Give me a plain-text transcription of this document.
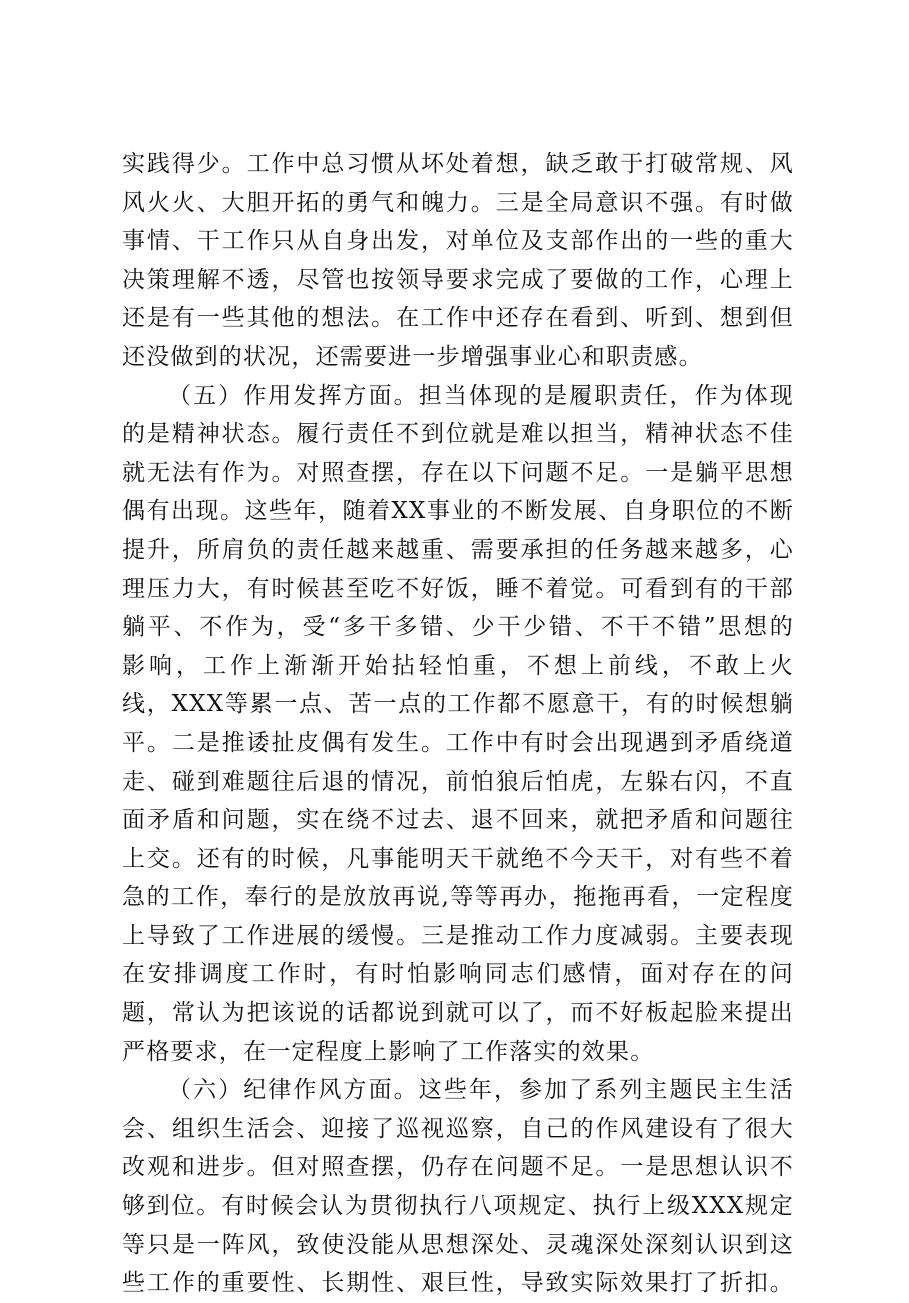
实践得少。工作中总习惯从坏处着想，缺乏敢于打破常规、风
风火火、大胆开拓的勇气和魄力。三是全局意识不强。有时做
事情、干工作只从自身出发，对单位及支部作出的一些的重大
决策理解不透，尽管也按领导要求完成了要做的工作，心理上
还是有一些其他的想法。在工作中还存在看到、听到、想到但
还没做到的状况，还需要进一步增强事业心和职责感。
（五）作用发挥方面。担当体现的是履职责任，作为体现
的是精神状态。履行责任不到位就是难以担当，精神状态不佳
就无法有作为。对照查摆，存在以下问题不足。一是躺平思想
偶有出现。这些年，随着XX事业的不断发展、自身职位的不断
提升，所肩负的责任越来越重、需要承担的任务越来越多，心
理压力大，有时候甚至吃不好饭，睡不着觉。可看到有的干部
躺平、不作为，受“多干多错、少干少错、不干不错”思想的
影响，工作上渐渐开始拈轻怕重，不想上前线，不敢上火
线，XXX等累一点、苦一点的工作都不愿意干，有的时候想躺
平。二是推诿扯皮偶有发生。工作中有时会出现遇到矛盾绕道
走、碰到难题往后退的情况，前怕狼后怕虎，左躲右闪，不直
面矛盾和问题，实在绕不过去、退不回来，就把矛盾和问题往
上交。还有的时候，凡事能明天干就绝不今天干，对有些不着
急的工作，奉行的是放放再说,等等再办，拖拖再看，一定程度
上导致了工作进展的缓慢。三是推动工作力度减弱。主要表现
在安排调度工作时，有时怕影响同志们感情，面对存在的问
题，常认为把该说的话都说到就可以了，而不好板起脸来提出
严格要求，在一定程度上影响了工作落实的效果。
（六）纪律作风方面。这些年，参加了系列主题民主生活
会、组织生活会、迎接了巡视巡察，自己的作风建设有了很大
改观和进步。但对照查摆，仍存在问题不足。一是思想认识不
够到位。有时候会认为贯彻执行八项规定、执行上级XXX规定
等只是一阵风，致使没能从思想深处、灵魂深处深刻认识到这
些工作的重要性、长期性、艰巨性，导致实际效果打了折扣。
